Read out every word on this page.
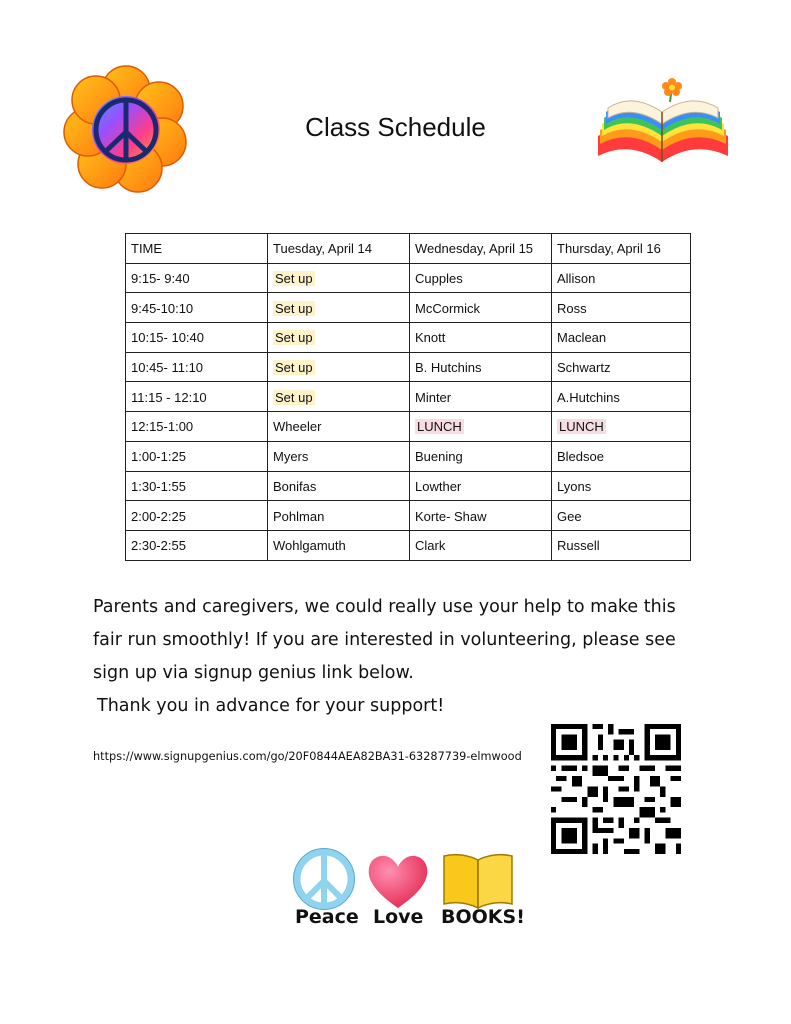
Class Schedule
TIME	Tuesday, April 14	Wednesday, April 15	Thursday, April 16
9:15- 9:40	Set up	Cupples	Allison
9:45-10:10	Set up	McCormick	Ross
10:15- 10:40	Set up	Knott	Maclean
10:45- 11:10	Set up	B. Hutchins	Schwartz
11:15 - 12:10	Set up	Minter	A.Hutchins
12:15-1:00	Wheeler	LUNCH	LUNCH
1:00-1:25	Myers	Buening	Bledsoe
1:30-1:55	Bonifas	Lowther	Lyons
2:00-2:25	Pohlman	Korte- Shaw	Gee
2:30-2:55	Wohlgamuth	Clark	Russell

Parents and caregivers, we could really use your help to make this

fair run smoothly! If you are interested in volunteering, please see

sign up via signup genius link below.

Thank you in advance for your support!
https://www.signupgenius.com/go/20F0844AEA82BA31-63287739-elmwood
Peace Love BOOKS!
